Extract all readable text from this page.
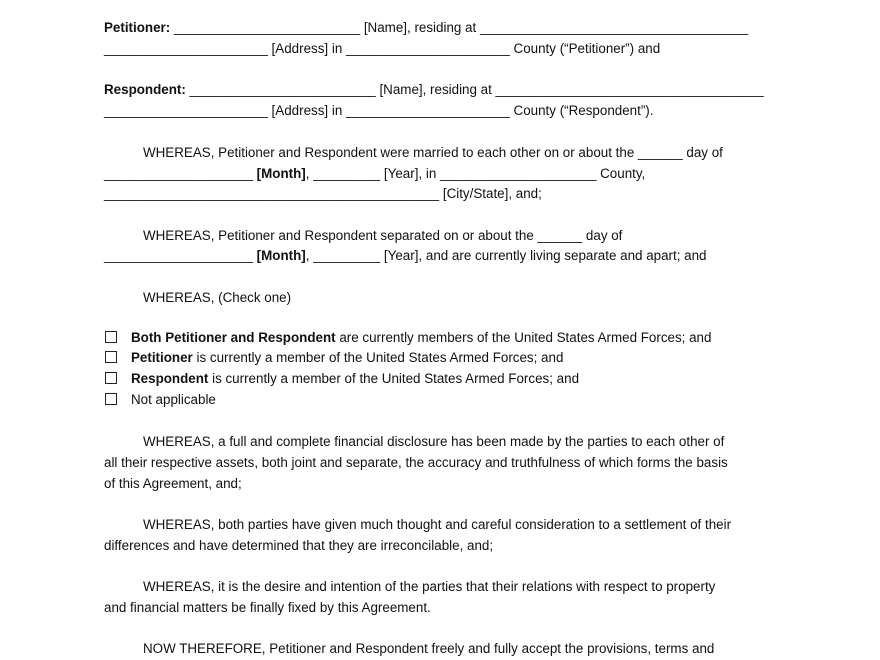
Petitioner: _________________________ [Name], residing at ____________________________________
______________________ [Address] in ______________________ County (“Petitioner”) and
Respondent: _________________________ [Name], residing at ____________________________________
______________________ [Address] in ______________________ County (“Respondent”).
WHEREAS, Petitioner and Respondent were married to each other on or about the ______ day of
____________________ [Month], _________ [Year], in _____________________ County,
_____________________________________________ [City/State], and;
WHEREAS, Petitioner and Respondent separated on or about the ______ day of
____________________ [Month], _________ [Year], and are currently living separate and apart; and
WHEREAS, (Check one)
Both Petitioner and Respondent are currently members of the United States Armed Forces; and
Petitioner is currently a member of the United States Armed Forces; and
Respondent is currently a member of the United States Armed Forces; and
Not applicable
WHEREAS, a full and complete financial disclosure has been made by the parties to each other of
all their respective assets, both joint and separate, the accuracy and truthfulness of which forms the basis
of this Agreement, and;
WHEREAS, both parties have given much thought and careful consideration to a settlement of their
differences and have determined that they are irreconcilable, and;
WHEREAS, it is the desire and intention of the parties that their relations with respect to property
and financial matters be finally fixed by this Agreement.
NOW THEREFORE, Petitioner and Respondent freely and fully accept the provisions, terms and
